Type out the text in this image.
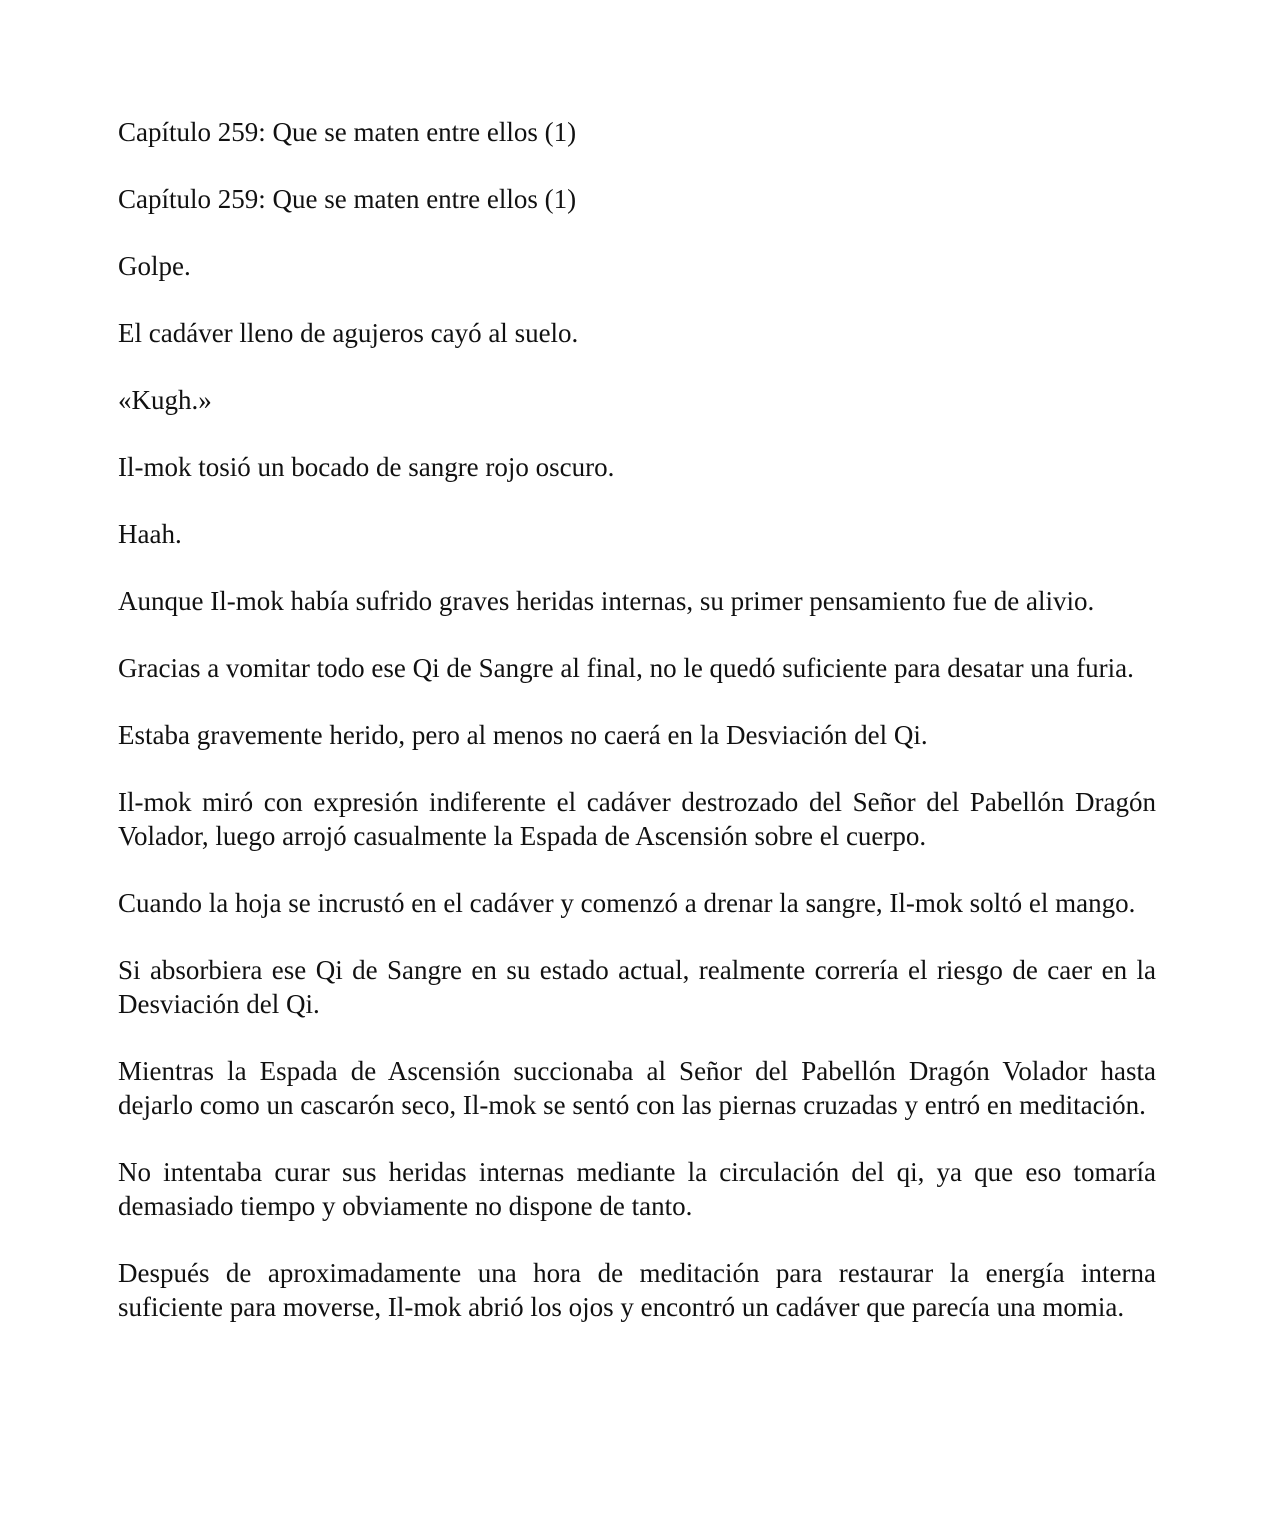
Capítulo 259: Que se maten entre ellos (1)

Capítulo 259: Que se maten entre ellos (1)

Golpe.

El cadáver lleno de agujeros cayó al suelo.

«Kugh.»

Il-mok tosió un bocado de sangre rojo oscuro.

Haah.

Aunque Il-mok había sufrido graves heridas internas, su primer pensamiento fue de alivio.

Gracias a vomitar todo ese Qi de Sangre al final, no le quedó suficiente para desatar una furia.

Estaba gravemente herido, pero al menos no caerá en la Desviación del Qi.

Il-mok miró con expresión indiferente el cadáver destrozado del Señor del Pabellón Dragón Volador, luego arrojó casualmente la Espada de Ascensión sobre el cuerpo.

Cuando la hoja se incrustó en el cadáver y comenzó a drenar la sangre, Il-mok soltó el mango.

Si absorbiera ese Qi de Sangre en su estado actual, realmente correría el riesgo de caer en la Desviación del Qi.

Mientras la Espada de Ascensión succionaba al Señor del Pabellón Dragón Volador hasta dejarlo como un cascarón seco, Il-mok se sentó con las piernas cruzadas y entró en meditación.

No intentaba curar sus heridas internas mediante la circulación del qi, ya que eso tomaría demasiado tiempo y obviamente no dispone de tanto.

Después de aproximadamente una hora de meditación para restaurar la energía interna suficiente para moverse, Il-mok abrió los ojos y encontró un cadáver que parecía una momia.
